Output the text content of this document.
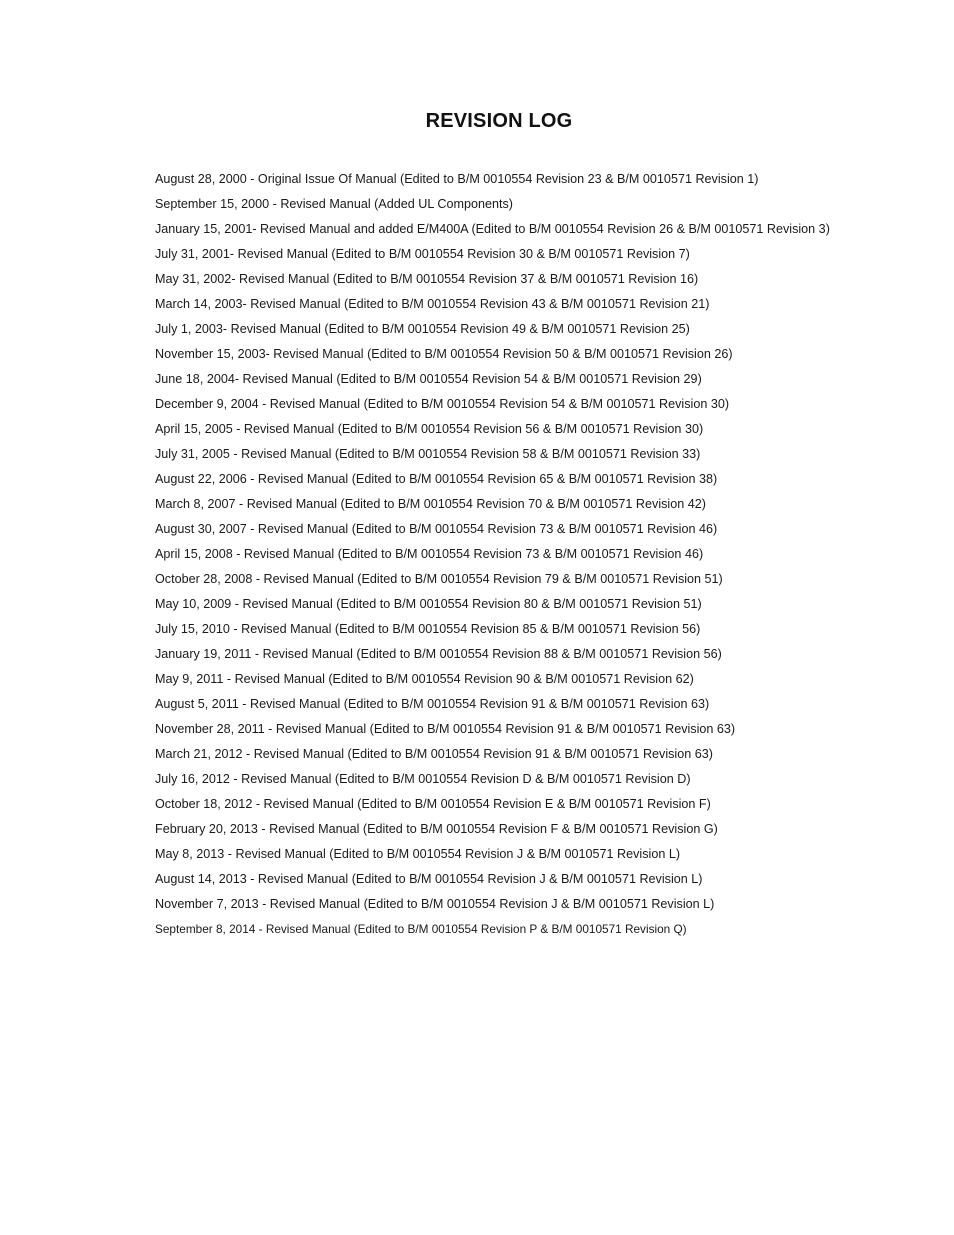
REVISION LOG
August 28, 2000 - Original Issue Of Manual (Edited to B/M 0010554 Revision 23 & B/M 0010571 Revision 1)
September 15, 2000 - Revised Manual (Added UL Components)
January 15, 2001- Revised Manual and added E/M400A (Edited to B/M 0010554 Revision 26 & B/M 0010571 Revision 3)
July 31, 2001- Revised Manual (Edited to B/M 0010554 Revision 30 & B/M 0010571 Revision 7)
May 31, 2002- Revised Manual (Edited to B/M 0010554 Revision 37 & B/M 0010571 Revision 16)
March 14, 2003- Revised Manual (Edited to B/M 0010554 Revision 43 & B/M 0010571 Revision 21)
July 1, 2003- Revised Manual (Edited to B/M 0010554 Revision 49 & B/M 0010571 Revision 25)
November 15, 2003- Revised Manual (Edited to B/M 0010554 Revision 50 & B/M 0010571 Revision 26)
June 18, 2004- Revised Manual (Edited to B/M 0010554 Revision 54 & B/M 0010571 Revision 29)
December 9, 2004 - Revised Manual (Edited to B/M 0010554 Revision 54 & B/M 0010571 Revision 30)
April 15, 2005 - Revised Manual (Edited to B/M 0010554 Revision 56 & B/M 0010571 Revision 30)
July 31, 2005 - Revised Manual (Edited to B/M 0010554 Revision 58 & B/M 0010571 Revision 33)
August 22, 2006 - Revised Manual (Edited to B/M 0010554 Revision 65 & B/M 0010571 Revision 38)
March 8, 2007 - Revised Manual (Edited to B/M 0010554 Revision 70 & B/M 0010571 Revision 42)
August 30, 2007 - Revised Manual (Edited to B/M 0010554 Revision 73 & B/M 0010571 Revision 46)
April 15, 2008 - Revised Manual (Edited to B/M 0010554 Revision 73 & B/M 0010571 Revision 46)
October 28, 2008 - Revised Manual (Edited to B/M 0010554 Revision 79 & B/M 0010571 Revision 51)
May 10, 2009 - Revised Manual (Edited to B/M 0010554 Revision 80 & B/M 0010571 Revision 51)
July 15, 2010 - Revised Manual (Edited to B/M 0010554 Revision 85 & B/M 0010571 Revision 56)
January 19, 2011 - Revised Manual (Edited to B/M 0010554 Revision 88 & B/M 0010571 Revision 56)
May 9, 2011 - Revised Manual (Edited to B/M 0010554 Revision 90 & B/M 0010571 Revision 62)
August 5, 2011 - Revised Manual (Edited to B/M 0010554 Revision 91 & B/M 0010571 Revision 63)
November 28, 2011 - Revised Manual (Edited to B/M 0010554 Revision 91 & B/M 0010571 Revision 63)
March 21, 2012 - Revised Manual (Edited to B/M 0010554 Revision 91 & B/M 0010571 Revision 63)
July 16, 2012 - Revised Manual (Edited to B/M 0010554 Revision D & B/M 0010571 Revision D)
October 18, 2012 - Revised Manual (Edited to B/M 0010554 Revision E & B/M 0010571 Revision F)
February 20, 2013 - Revised Manual (Edited to B/M 0010554 Revision F & B/M 0010571 Revision G)
May 8, 2013 - Revised Manual (Edited to B/M 0010554 Revision J & B/M 0010571 Revision L)
August 14, 2013 - Revised Manual (Edited to B/M 0010554 Revision J & B/M 0010571 Revision L)
November 7, 2013 - Revised Manual (Edited to B/M 0010554 Revision J & B/M 0010571 Revision L)
September 8, 2014 - Revised Manual (Edited to B/M 0010554 Revision P & B/M 0010571 Revision Q)
